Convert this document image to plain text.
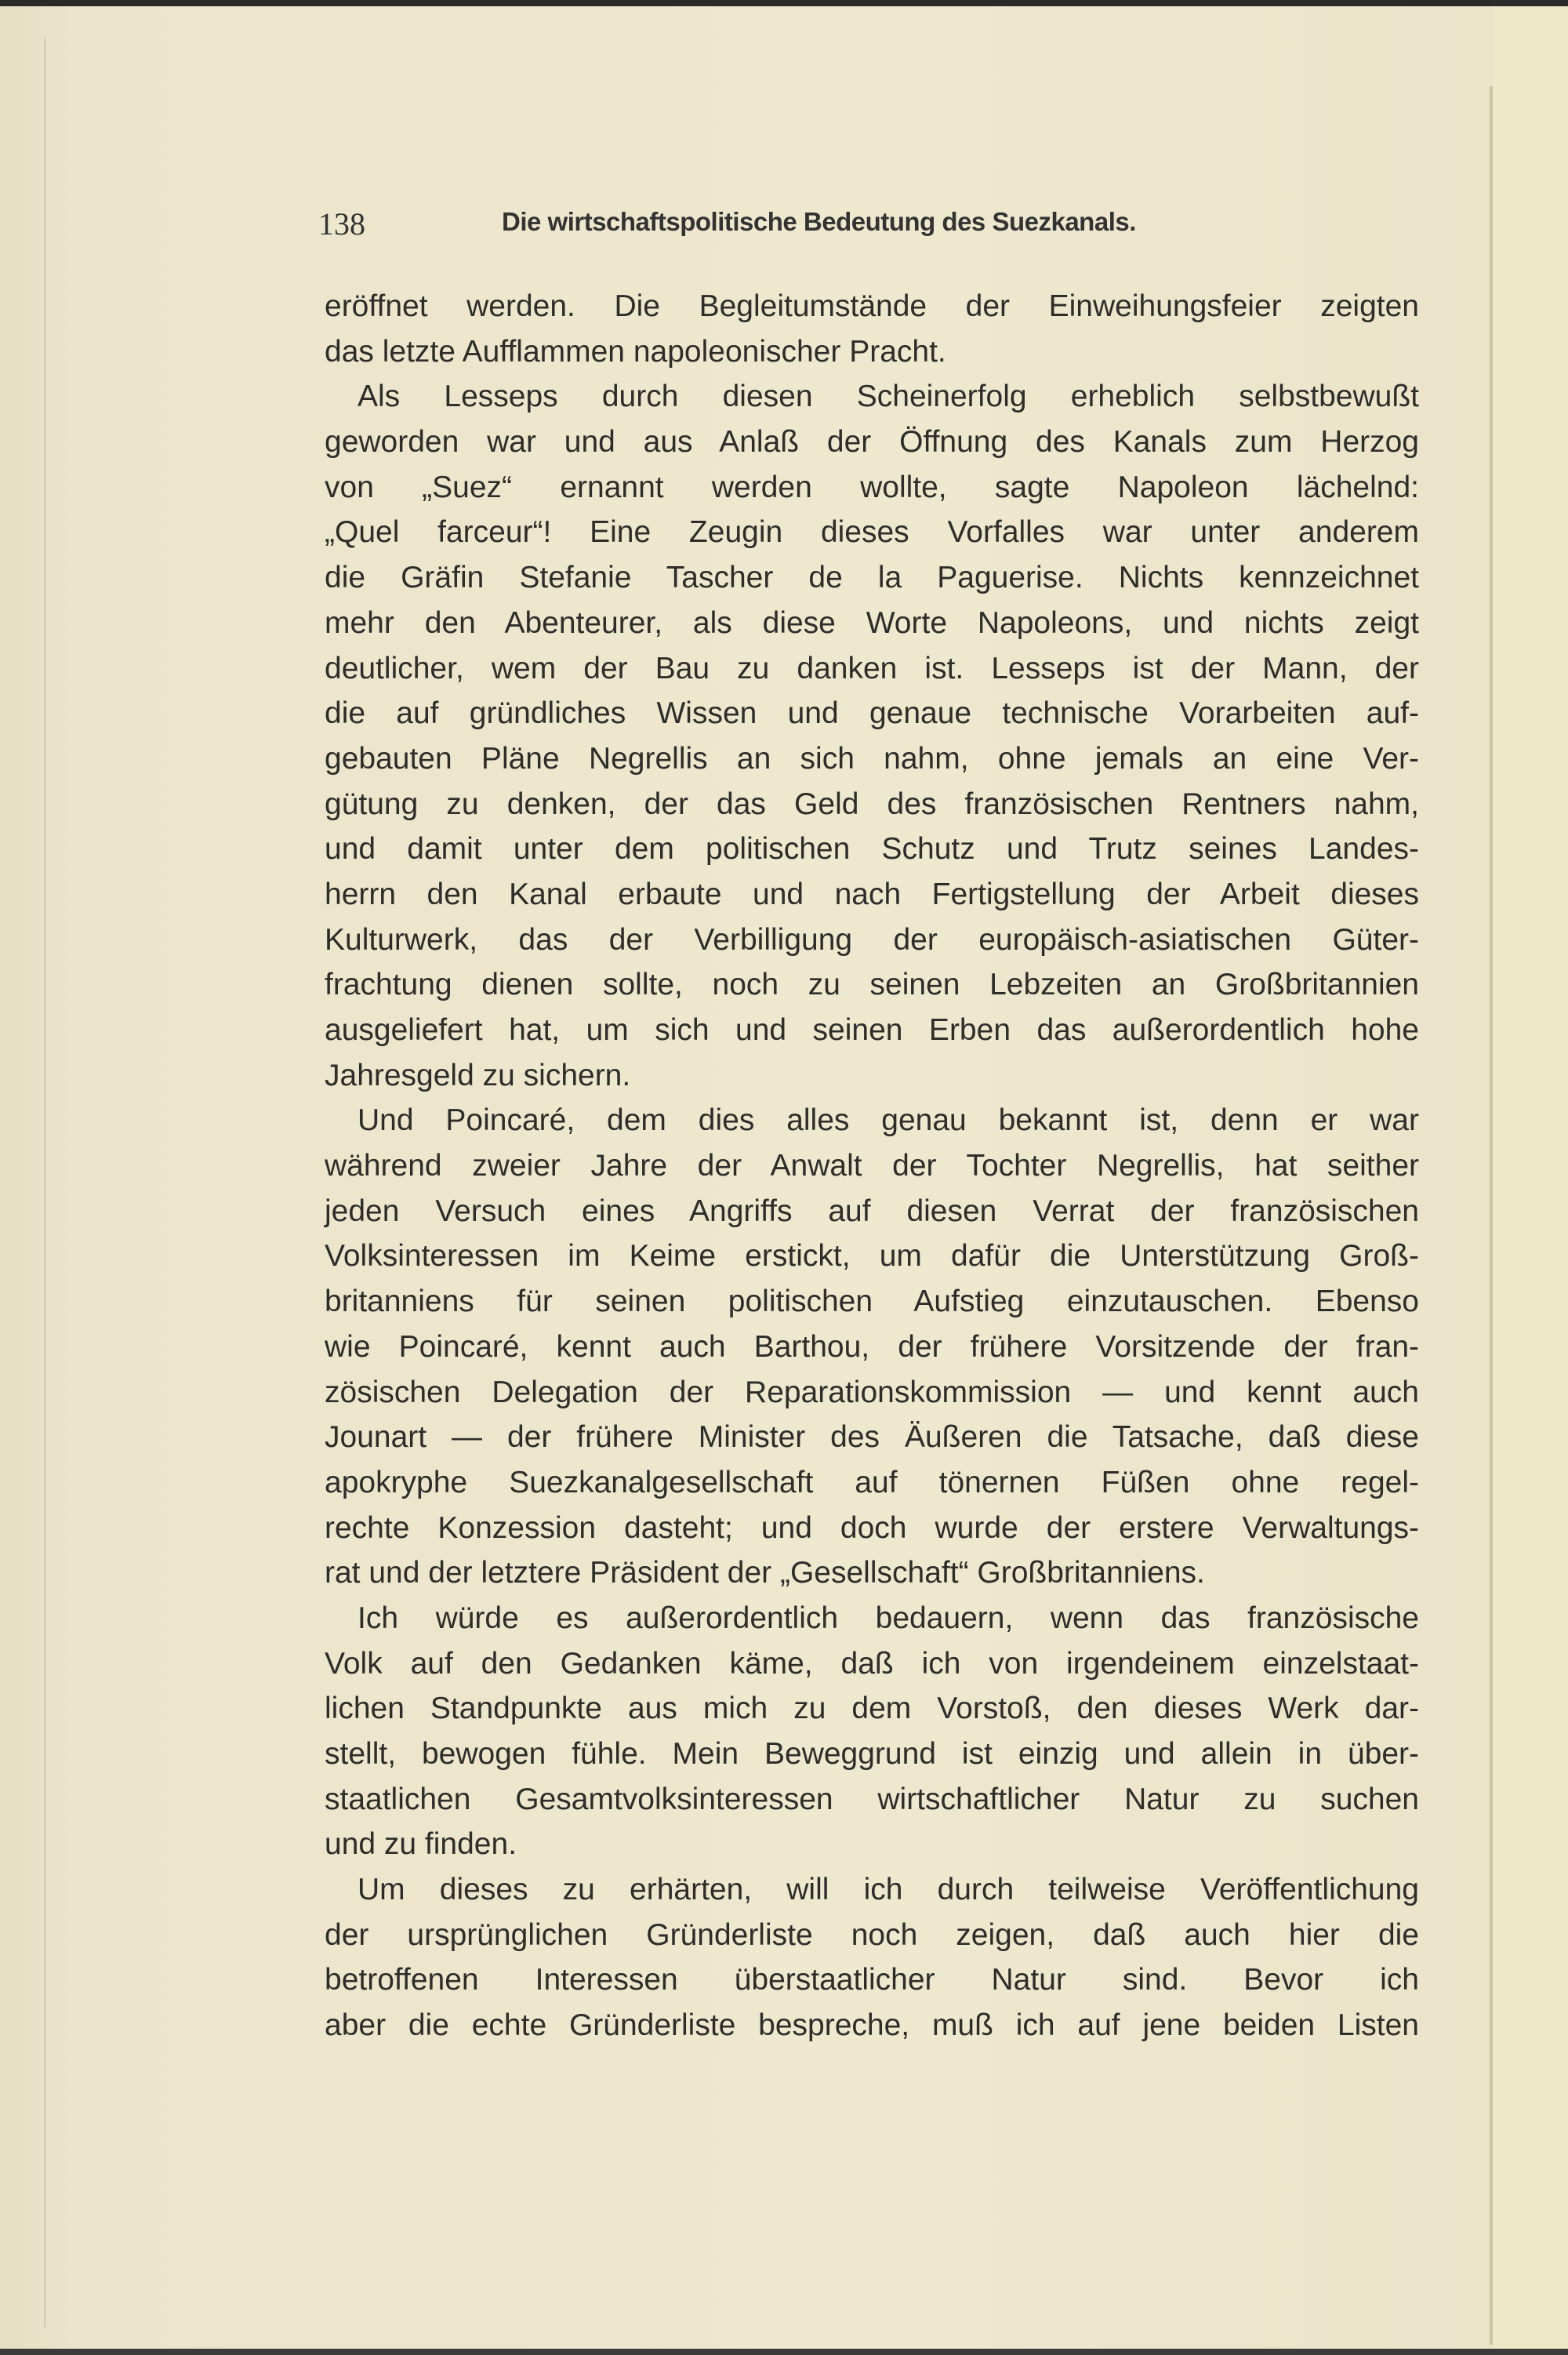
138	Die wirtschaftspolitische Bedeutung des Suezkanals.
eröffnet werden. Die Begleitumstände der Einweihungsfeier zeigten
das letzte Aufflammen napoleonischer Pracht.
Als Lesseps durch diesen Scheinerfolg erheblich selbstbewußt
geworden war und aus Anlaß der Öffnung des Kanals zum Herzog
von „Suez“ ernannt werden wollte, sagte Napoleon lächelnd:
„Quel farceur“! Eine Zeugin dieses Vorfalles war unter anderem
die Gräfin Stefanie Tascher de la Paguerise. Nichts kennzeichnet
mehr den Abenteurer, als diese Worte Napoleons, und nichts zeigt
deutlicher, wem der Bau zu danken ist. Lesseps ist der Mann, der
die auf gründliches Wissen und genaue technische Vorarbeiten auf-
gebauten Pläne Negrellis an sich nahm, ohne jemals an eine Ver-
gütung zu denken, der das Geld des französischen Rentners nahm,
und damit unter dem politischen Schutz und Trutz seines Landes-
herrn den Kanal erbaute und nach Fertigstellung der Arbeit dieses
Kulturwerk, das der Verbilligung der europäisch-asiatischen Güter-
frachtung dienen sollte, noch zu seinen Lebzeiten an Großbritannien
ausgeliefert hat, um sich und seinen Erben das außerordentlich hohe
Jahresgeld zu sichern.
Und Poincaré, dem dies alles genau bekannt ist, denn er war
während zweier Jahre der Anwalt der Tochter Negrellis, hat seither
jeden Versuch eines Angriffs auf diesen Verrat der französischen
Volksinteressen im Keime erstickt, um dafür die Unterstützung Groß-
britanniens für seinen politischen Aufstieg einzutauschen. Ebenso
wie Poincaré, kennt auch Barthou, der frühere Vorsitzende der fran-
zösischen Delegation der Reparationskommission — und kennt auch
Jounart — der frühere Minister des Äußeren die Tatsache, daß diese
apokryphe Suezkanalgesellschaft auf tönernen Füßen ohne regel-
rechte Konzession dasteht; und doch wurde der erstere Verwaltungs-
rat und der letztere Präsident der „Gesellschaft“ Großbritanniens.
Ich würde es außerordentlich bedauern, wenn das französische
Volk auf den Gedanken käme, daß ich von irgendeinem einzelstaat-
lichen Standpunkte aus mich zu dem Vorstoß, den dieses Werk dar-
stellt, bewogen fühle. Mein Beweggrund ist einzig und allein in über-
staatlichen Gesamtvolksinteressen wirtschaftlicher Natur zu suchen
und zu finden.
Um dieses zu erhärten, will ich durch teilweise Veröffentlichung
der ursprünglichen Gründerliste noch zeigen, daß auch hier die
betroffenen Interessen überstaatlicher Natur sind. Bevor ich
aber die echte Gründerliste bespreche, muß ich auf jene beiden Listen
